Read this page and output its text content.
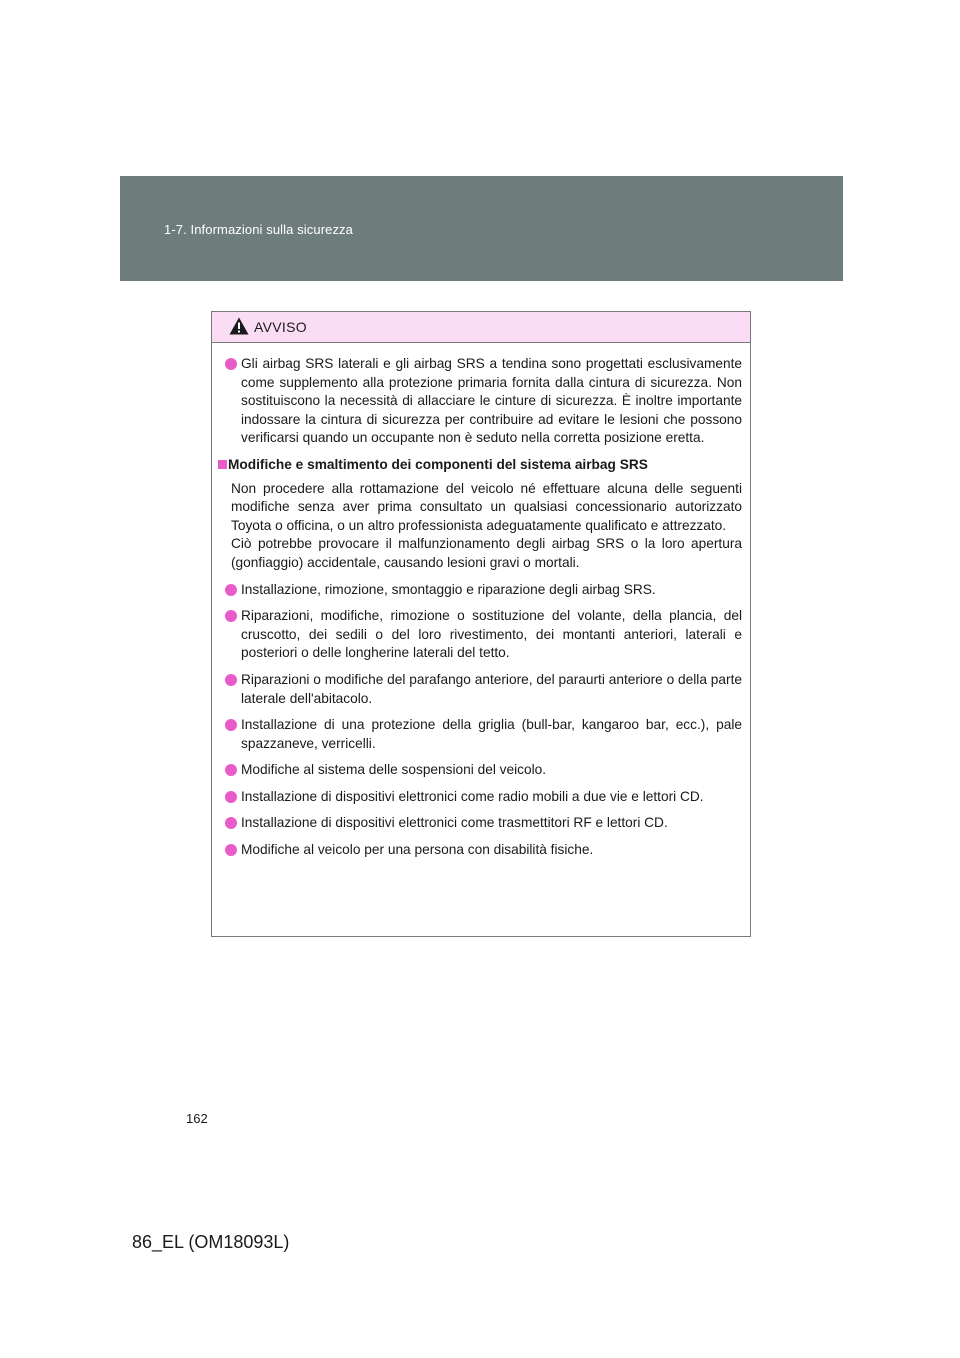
1-7. Informazioni sulla sicurezza
AVVISO
Gli airbag SRS laterali e gli airbag SRS a tendina sono progettati esclusivamente come supplemento alla protezione primaria fornita dalla cintura di sicurezza. Non sostituiscono la necessità di allacciare le cinture di sicurezza. È inoltre importante indossare la cintura di sicurezza per contribuire ad evitare le lesioni che possono verificarsi quando un occupante non è seduto nella corretta posizione eretta.
Modifiche e smaltimento dei componenti del sistema airbag SRS
Non procedere alla rottamazione del veicolo né effettuare alcuna delle seguenti modifiche senza aver prima consultato un qualsiasi concessionario autorizzato Toyota o officina, o un altro professionista adeguatamente qualificato e attrezzato.
Ciò potrebbe provocare il malfunzionamento degli airbag SRS o la loro apertura (gonfiaggio) accidentale, causando lesioni gravi o mortali.
Installazione, rimozione, smontaggio e riparazione degli airbag SRS.
Riparazioni, modifiche, rimozione o sostituzione del volante, della plancia, del cruscotto, dei sedili o del loro rivestimento, dei montanti anteriori, laterali e posteriori o delle longherine laterali del tetto.
Riparazioni o modifiche del parafango anteriore, del paraurti anteriore o della parte laterale dell'abitacolo.
Installazione di una protezione della griglia (bull-bar, kangaroo bar, ecc.), pale spazzaneve, verricelli.
Modifiche al sistema delle sospensioni del veicolo.
Installazione di dispositivi elettronici come radio mobili a due vie e lettori CD.
Installazione di dispositivi elettronici come trasmettitori RF e lettori CD.
Modifiche al veicolo per una persona con disabilità fisiche.
162
86_EL (OM18093L)
